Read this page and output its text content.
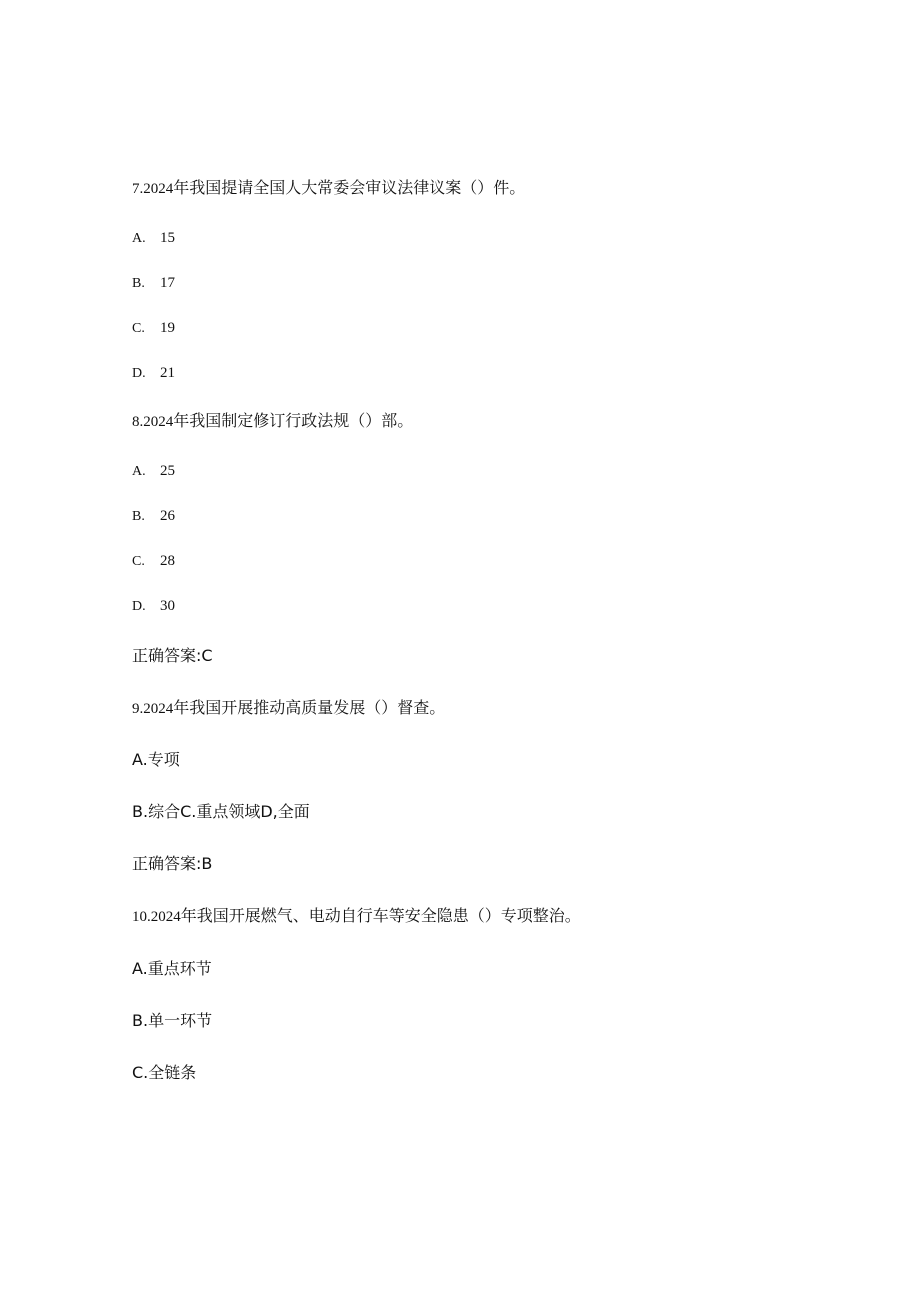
7.2024年我国提请全国人大常委会审议法律议案（）件。
A. 15
B. 17
C. 19
D. 21
8.2024年我国制定修订行政法规（）部。
A. 25
B. 26
C. 28
D. 30
正确答案:C
9.2024年我国开展推动高质量发展（）督查。
A.专项
B.综合C.重点领域D,全面
正确答案:B
10.2024年我国开展燃气、电动自行车等安全隐患（）专项整治。
A.重点环节
B.单一环节
C.全链条
